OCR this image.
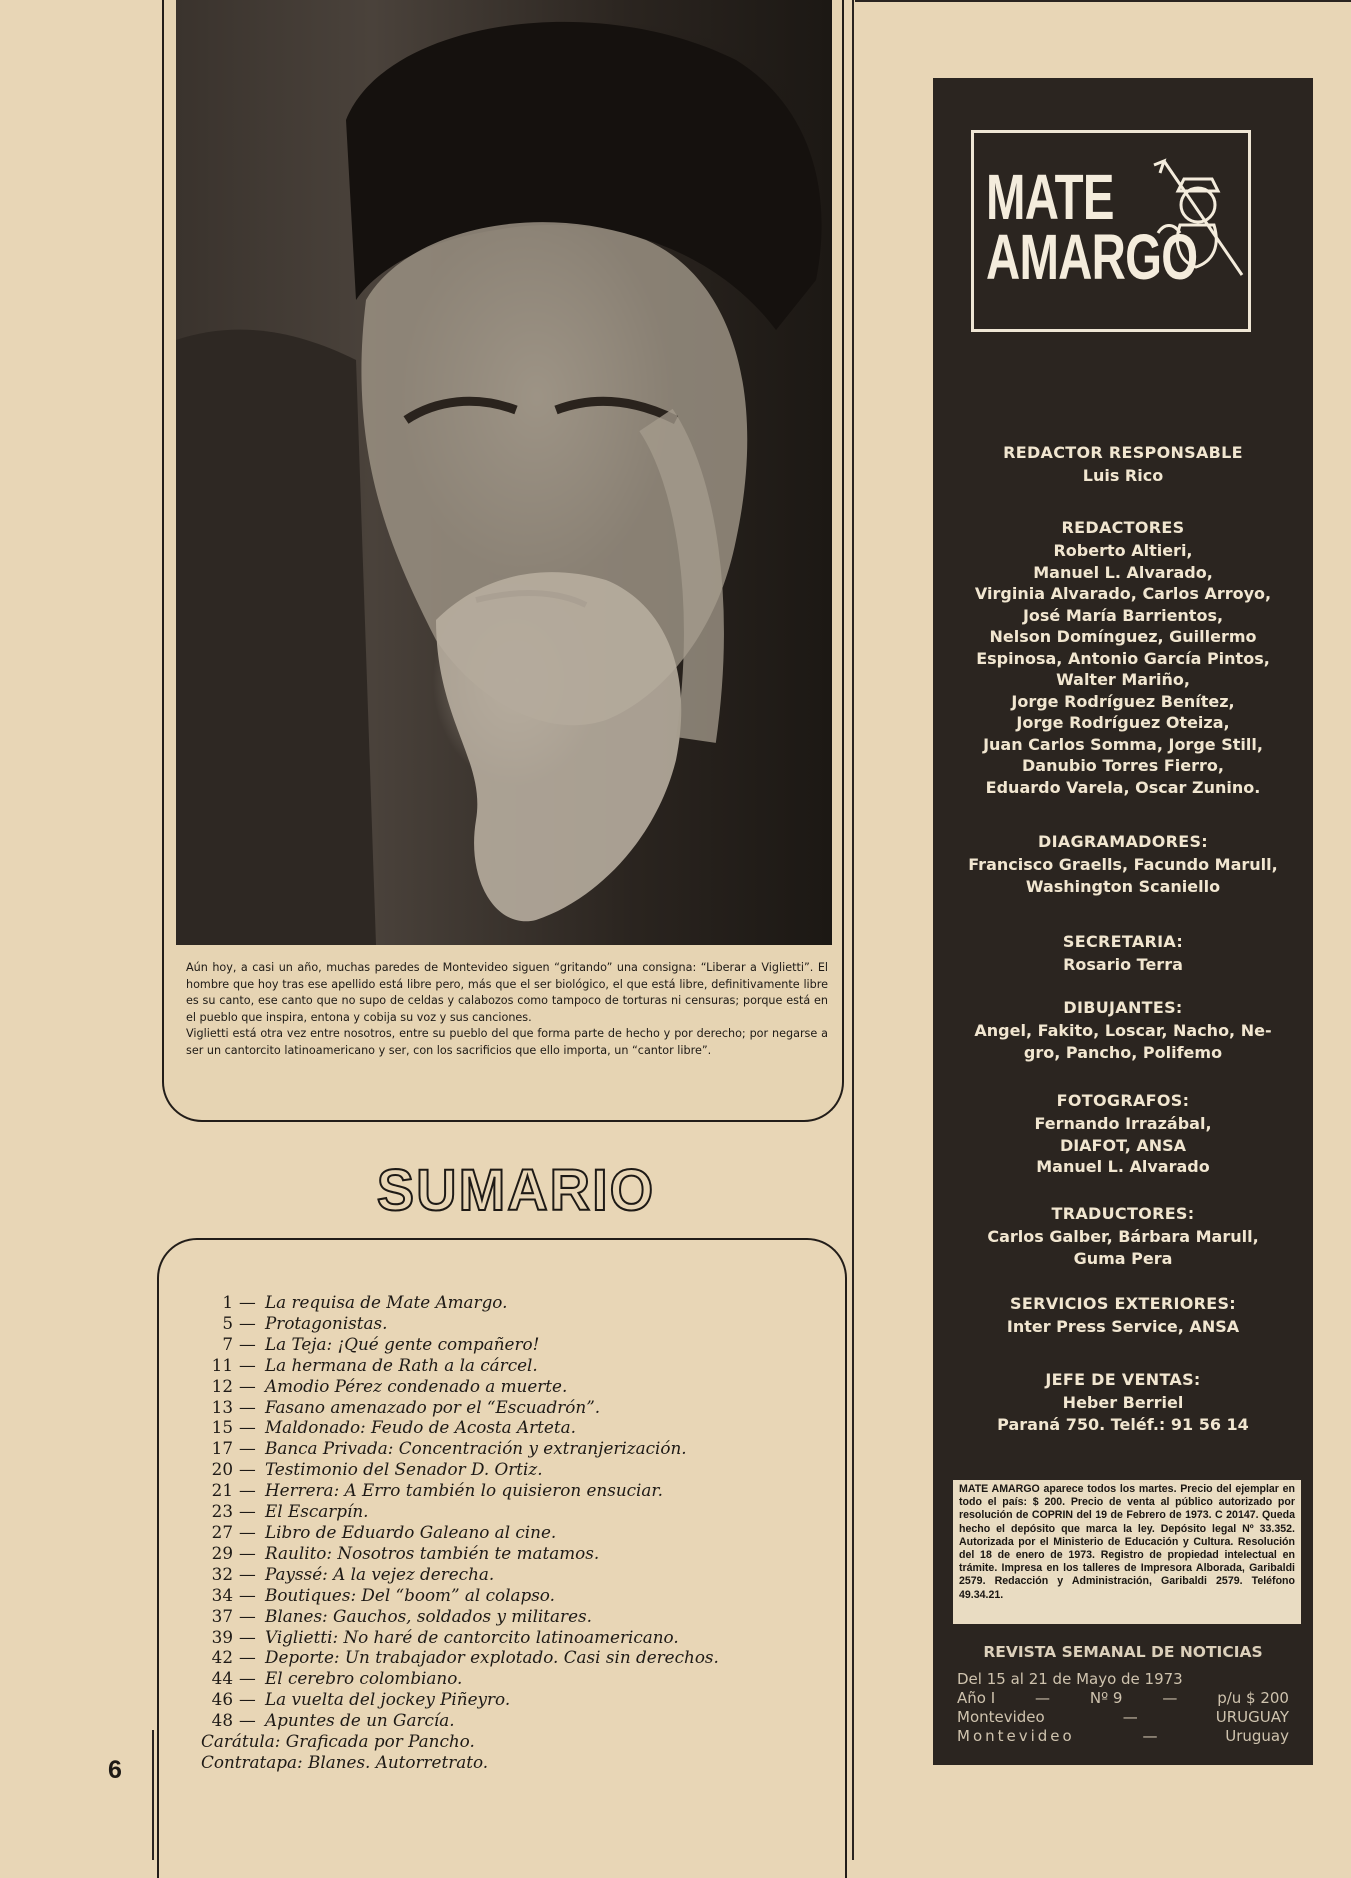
Aún hoy, a casi un año, muchas paredes de Montevideo siguen “gritando” una consigna: “Liberar a Viglietti”. El hombre que hoy tras ese apellido está libre pero, más que el ser biológico, el que está libre, definitivamente libre es su canto, ese canto que no supo de celdas y calabozos como tampoco de torturas ni censuras; porque está en el pueblo que inspira, entona y cobija su voz y sus canciones.

Viglietti está otra vez entre nosotros, entre su pueblo del que forma parte de hecho y por derecho; por negarse a ser un cantorcito latinoamericano y ser, con los sacrificios que ello importa, un “cantor libre”.

SUMARIO
1 — La requisa de Mate Amargo.
5 — Protagonistas.
7 — La Teja: ¡Qué gente compañero!
11 — La hermana de Rath a la cárcel.
12 — Amodio Pérez condenado a muerte.
13 — Fasano amenazado por el “Escuadrón”.
15 — Maldonado: Feudo de Acosta Arteta.
17 — Banca Privada: Concentración y extranjerización.
20 — Testimonio del Senador D. Ortiz.
21 — Herrera: A Erro también lo quisieron ensuciar.
23 — El Escarpín.
27 — Libro de Eduardo Galeano al cine.
29 — Raulito: Nosotros también te matamos.
32 — Payssé: A la vejez derecha.
34 — Boutiques: Del “boom” al colapso.
37 — Blanes: Gauchos, soldados y militares.
39 — Viglietti: No haré de cantorcito latinoamericano.
42 — Deporte: Un trabajador explotado. Casi sin derechos.
44 — El cerebro colombiano.
46 — La vuelta del jockey Piñeyro.
48 — Apuntes de un García.
Carátula: Graficada por Pancho.
Contratapa: Blanes. Autorretrato.
6
MATE
AMARGO
REDACTOR RESPONSABLE
Luis Rico
REDACTORES
Roberto Altieri,
Manuel L. Alvarado,
Virginia Alvarado, Carlos Arroyo,
José María Barrientos,
Nelson Domínguez, Guillermo
Espinosa, Antonio García Pintos,
Walter Mariño,
Jorge Rodríguez Benítez,
Jorge Rodríguez Oteiza,
Juan Carlos Somma, Jorge Still,
Danubio Torres Fierro,
Eduardo Varela, Oscar Zunino.
DIAGRAMADORES:
Francisco Graells, Facundo Marull,
Washington Scaniello
SECRETARIA:
Rosario Terra
DIBUJANTES:
Angel, Fakito, Loscar, Nacho, Ne-
gro, Pancho, Polifemo
FOTOGRAFOS:
Fernando Irrazábal,
DIAFOT, ANSA
Manuel L. Alvarado
TRADUCTORES:
Carlos Galber, Bárbara Marull,
Guma Pera
SERVICIOS EXTERIORES:
Inter Press Service, ANSA
JEFE DE VENTAS:
Heber Berriel
Paraná 750. Teléf.: 91 56 14
MATE AMARGO aparece todos los martes. Precio del ejemplar en todo el país: $ 200. Precio de venta al público autorizado por resolución de COPRIN del 19 de Febrero de 1973. C 20147. Queda hecho el depósito que marca la ley. Depósito legal Nº 33.352. Autorizada por el Ministerio de Educación y Cultura. Resolución del 18 de enero de 1973. Registro de propiedad intelectual en trámite. Impresa en los talleres de Impresora Alborada, Garibaldi 2579. Redacción y Administración, Garibaldi 2579. Teléfono 49.34.21.
REVISTA SEMANAL DE NOTICIAS
Del 15 al 21 de Mayo de 1973
Año I	—	Nº 9	—	p/u $ 200
Montevideo	—	URUGUAY
Montevideo	—	Uruguay
